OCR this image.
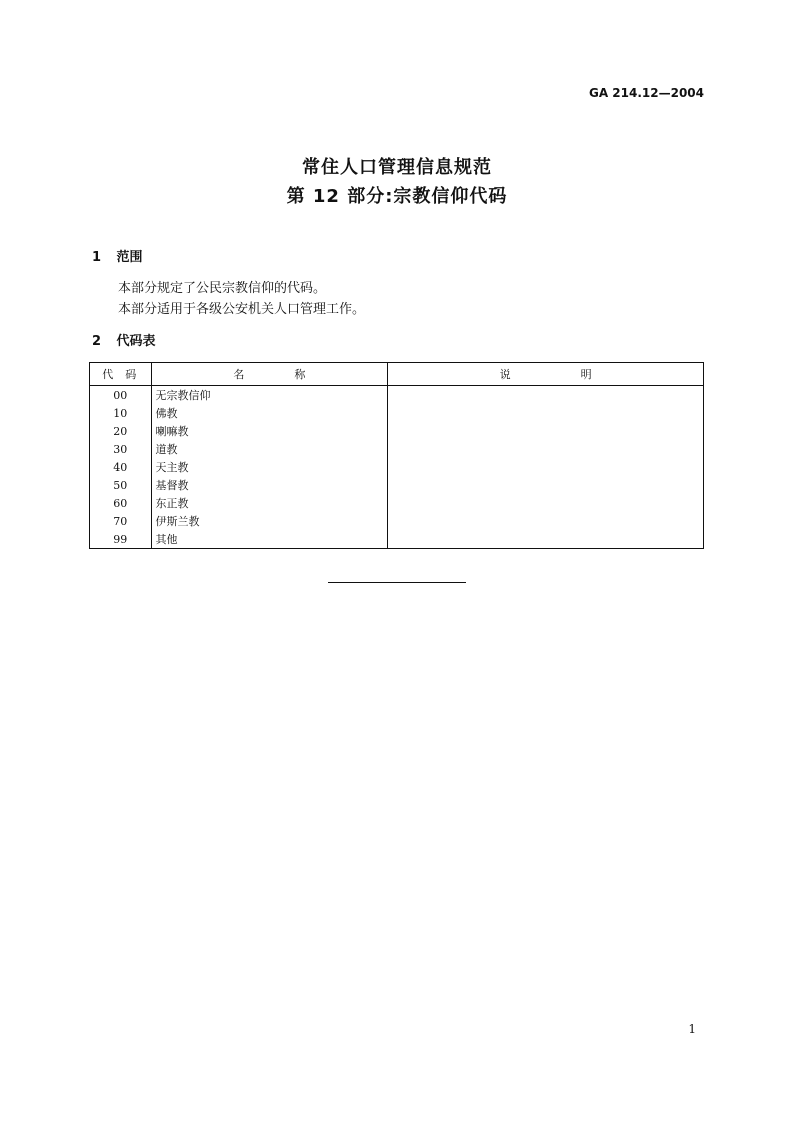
GA 214.12—2004
常住人口管理信息规范
第 12 部分:宗教信仰代码
1 范围
本部分规定了公民宗教信仰的代码。
本部分适用于各级公安机关人口管理工作。
2 代码表
代码	名称	说明
00	无宗教信仰	
10	佛教	
20	喇嘛教	
30	道教	
40	天主教	
50	基督教	
60	东正教	
70	伊斯兰教	
99	其他	
1
